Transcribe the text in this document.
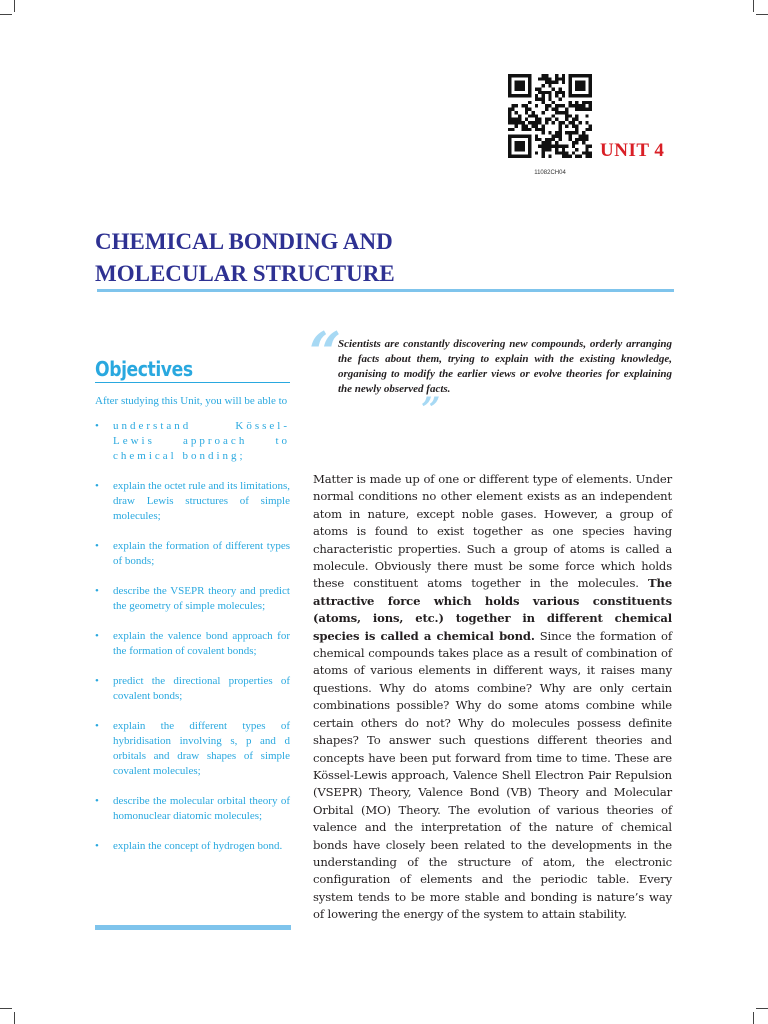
11082CH04
UNIT 4
CHEMICAL BONDING AND
MOLECULAR STRUCTURE
Objectives

After studying this Unit, you will be able to

• understand Kössel-Lewis approach to chemical bonding;
• explain the octet rule and its limitations, draw Lewis structures of simple molecules;
• explain the formation of different types of bonds;
• describe the VSEPR theory and predict the geometry of simple molecules;
• explain the valence bond approach for the formation of covalent bonds;
• predict the directional properties of covalent bonds;
• explain the different types of hybridisation involving s, p and d orbitals and draw shapes of simple covalent molecules;
• describe the molecular orbital theory of homonuclear diatomic molecules;
• explain the concept of hydrogen bond.
“

Scientists are constantly discovering new compounds, orderly arranging the facts about them, trying to explain with the existing knowledge, organising to modify the earlier views or evolve theories for explaining the newly observed facts.

”

Matter is made up of one or different type of elements. Under normal conditions no other element exists as an independent atom in nature, except noble gases. However, a group of atoms is found to exist together as one species having characteristic properties. Such a group of atoms is called a molecule. Obviously there must be some force which holds these constituent atoms together in the molecules. The attractive force which holds various constituents (atoms, ions, etc.) together in different chemical species is called a chemical bond. Since the formation of chemical compounds takes place as a result of combination of atoms of various elements in different ways, it raises many questions. Why do atoms combine? Why are only certain combinations possible? Why do some atoms combine while certain others do not? Why do molecules possess definite shapes? To answer such questions different theories and concepts have been put forward from time to time. These are Kössel-Lewis approach, Valence Shell Electron Pair Repulsion (VSEPR) Theory, Valence Bond (VB) Theory and Molecular Orbital (MO) Theory. The evolution of various theories of valence and the interpretation of the nature of chemical bonds have closely been related to the developments in the understanding of the structure of atom, the electronic configuration of elements and the periodic table. Every system tends to be more stable and bonding is nature’s way of lowering the energy of the system to attain stability.
